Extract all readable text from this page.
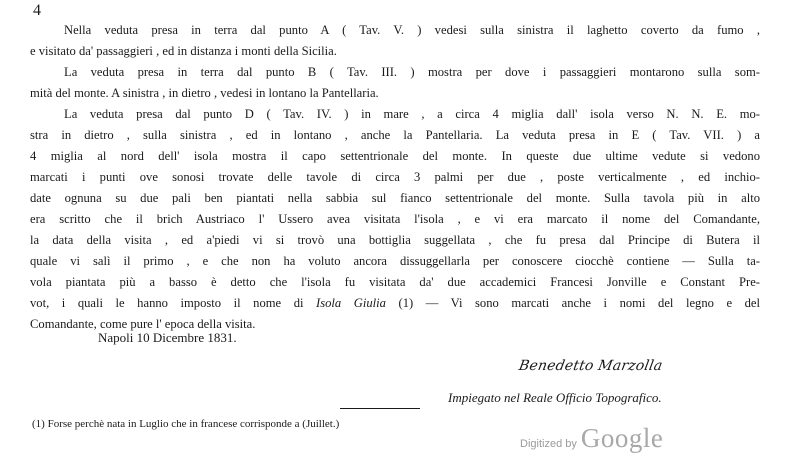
4
Nella veduta presa in terra dal punto A ( Tav. V. ) vedesi sulla sinistra il laghetto coverto da fumo ,
e visitato da' passaggieri , ed in distanza i monti della Sicilia.
La veduta presa in terra dal punto B ( Tav. III. ) mostra per dove i passaggieri montarono sulla som-
mità del monte. A sinistra , in dietro , vedesi in lontano la Pantellaria.
La veduta presa dal punto D ( Tav. IV. ) in mare , a circa 4 miglia dall' isola verso N. N. E. mo-
stra in dietro , sulla sinistra , ed in lontano , anche la Pantellaria. La veduta presa in E ( Tav. VII. ) a
4 miglia al nord dell' isola mostra il capo settentrionale del monte. In queste due ultime vedute si vedono
marcati i punti ove sonosi trovate delle tavole di circa 3 palmi per due , poste verticalmente , ed inchio-
date ognuna su due pali ben piantati nella sabbia sul fianco settentrionale del monte. Sulla tavola più in alto
era scritto che il brich Austriaco l' Ussero avea visitata l'isola , e vi era marcato il nome del Comandante,
la data della visita , ed a'piedi vi si trovò una bottiglia suggellata , che fu presa dal Principe di Butera il
quale vi salì il primo , e che non ha voluto ancora dissuggellarla per conoscere ciocchè contiene — Sulla ta-
vola piantata più a basso è detto che l'isola fu visitata da' due accademici Francesi Jonville e Constant Pre-
vot, i quali le hanno imposto il nome di Isola Giulia (1) — Vi sono marcati anche i nomi del legno e del
Comandante, come pure l' epoca della visita.
Napoli 10 Dicembre 1831.
Benedetto Marzolla
Impiegato nel Reale Officio Topografico.
(1) Forse perchè nata in Luglio che in francese corrisponde a (Juillet.)
Digitized by Google
